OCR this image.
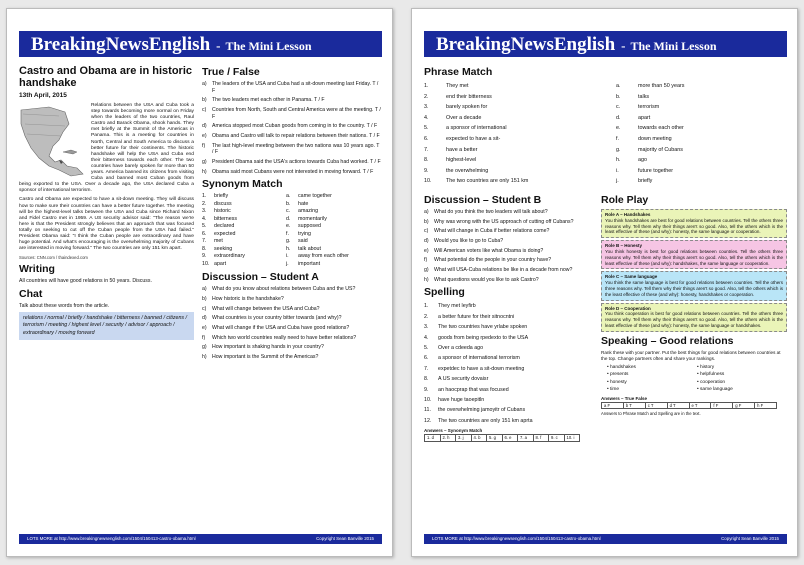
BreakingNewsEnglish - The Mini Lesson
Castro and Obama are in historic handshake
13th April, 2015

Relations between the USA and Cuba took a step towards becoming more normal on Friday when the leaders of the two countries, Raul Castro and Barack Obama, shook hands. They met briefly at the Summit of the Americas in Panama. This is a meeting for countries in North, Central and South America to discuss a better future for their continents. The historic handshake will help the USA and Cuba end their bitterness towards each other. The two countries have barely spoken for more than 50 years. America banned its citizens from visiting Cuba and banned most Cuban goods from being exported to the USA. Over a decade ago, the USA declared Cuba a sponsor of international terrorism.

Castro and Obama are expected to have a sit-down meeting. They will discuss how to make sure their countries can have a better future together. The meeting will be the highest-level talks between the USA and Cuba since Richard Nixon and Fidel Castro met in 1959. A US security advisor said: "The reason we're here is that the President strongly believes that an approach that was focused totally on seeking to cut off the Cuban people from the USA had failed." President Obama said: "I think the Cuban people are extraordinary and have huge potential. And what's encouraging is the overwhelming majority of Cubans are interested in moving forward." The two countries are only 151 km apart.

Sources: CNN.com / thaindexed.com
Writing
All countries will have good relations in 50 years. Discuss.
Chat
Talk about these words from the article.
relations / normal / briefly / handshake / bitterness / banned / citizens / terrorism / meeting / highest level / security / advisor / approach / extraordinary / moving forward
True / False
a)	The leaders of the USA and Cuba had a sit-down meeting last Friday. T / F
b)	The two leaders met each other in Panama. T / F
c)	Countries from North, South and Central America were at the meeting. T / F
d)	America stopped most Cuban goods from coming in to the country. T / F
e)	Obama and Castro will talk to repair relations between their nations. T / F
f)	The last high-level meeting between the two nations was 10 years ago. T / F
g)	President Obama said the USA's actions towards Cuba had worked. T / F
h)	Obama said most Cubans were not interested in moving forward. T / F
Synonym Match
1.	briefly	a.	came together
2.	discuss	b.	hate
3.	historic	c.	amazing
4.	bitterness	d.	momentarily
5.	declared	e.	supposed
6.	expected	f.	trying
7.	met	g.	said
8.	seeking	h.	talk about
9.	extraordinary	i.	away from each other
10. apart	j.	important
Discussion – Student A
a)	What do you know about relations between Cuba and the US?
b)	How historic is the handshake?
c)	What will change between the USA and Cuba?
d)	What countries is your country bitter towards (and why)?
e)	What will change if the USA and Cuba have good relations?
f)	Which two world countries really need to have better relations?
g)	How important is shaking hands in your country?
h)	How important is the Summit of the Americas?
LOTS MORE at http://www.breakingnewsenglish.com/1504/150413-castro-obama.html	Copyright Sean Banville 2015
BreakingNewsEnglish - The Mini Lesson
Phrase Match
1.	They met	a.	more than 50 years
2.	end their bitterness	b.	talks
3.	barely spoken for	c.	terrorism
4.	Over a decade	d.	apart
5.	a sponsor of international	e.	towards each other
6.	expected to have a sit-	f.	down meeting
7.	have a better	g.	majority of Cubans
8.	highest-level	h.	ago
9.	the overwhelming	i.	future together
10.	The two countries are only 151 km	j.	briefly
Discussion – Student B
a)	What do you think the two leaders will talk about?
b)	Why was wrong with the US approach of cutting off Cubans?
c)	What will change in Cuba if better relations come?
d)	Would you like to go to Cuba?
e)	Will American voters like what Obama is doing?
f)	What potential do the people in your country have?
g)	What will USA-Cuba relations be like in a decade from now?
h)	What questions would you like to ask Castro?
Spelling
1.	They met leyfirb
2.	a better future for their sitnocntni
3.	The two countries have yrlabe spoken
4.	goods from being rpedexto to the USA
5.	Over a cdeeda ago
6.	a sponsor of international terrorism
7.	expetdec to have a sit-down meeting
8.	A US security dovaisr
9.	an haocprap that was focused
10.	have huge taoepitln
11.	the overwhelming jamoyitr of Cubans
12.	The two countries are only 151 km aprta
Answers – Synonym Match
1. d	2. h	3. j	4. b	5. g	6. e	7. a	8. f	9. c	10. i
Role Play
Role A – Handshakes
You think handshakes are best for good relations between countries. Tell the others three reasons why. Tell them why their things aren't so good. Also, tell the others which is the least effective of these (and why): honesty, the same language or cooperation.
Role B – Honesty
You think honesty is best for good relations between countries. Tell the others three reasons why. Tell them why their things aren't so good. Also, tell the others which is the least effective of these (and why): handshakes, the same language or cooperation.
Role C – Same language
You think the same language is best for good relations between countries. Tell the others three reasons why. Tell them why their things aren't so good. Also, tell the others which is the least effective of these (and why): honesty, handshakes or cooperation.
Role D – Cooperation
You think cooperation is best for good relations between countries. Tell the others three reasons why. Tell them why their things aren't so good. Also, tell the others which is the least effective of these (and why): honesty, the same language or handshakes.
Speaking – Good relations
Rank these with your partner. Put the best things for good relations between countries at the top. Change partners often and share your rankings.
• handshakes	• history
• presents	• helpfulness
• honesty	• cooperation
• time	• same language
Answers – True False
a F	b T	c T	d T	e T	f F	g F	h F
Answers to Phrase Match and Spelling are in the text.
LOTS MORE at http://www.breakingnewsenglish.com/1504/150413-castro-obama.html	Copyright Sean Banville 2015
